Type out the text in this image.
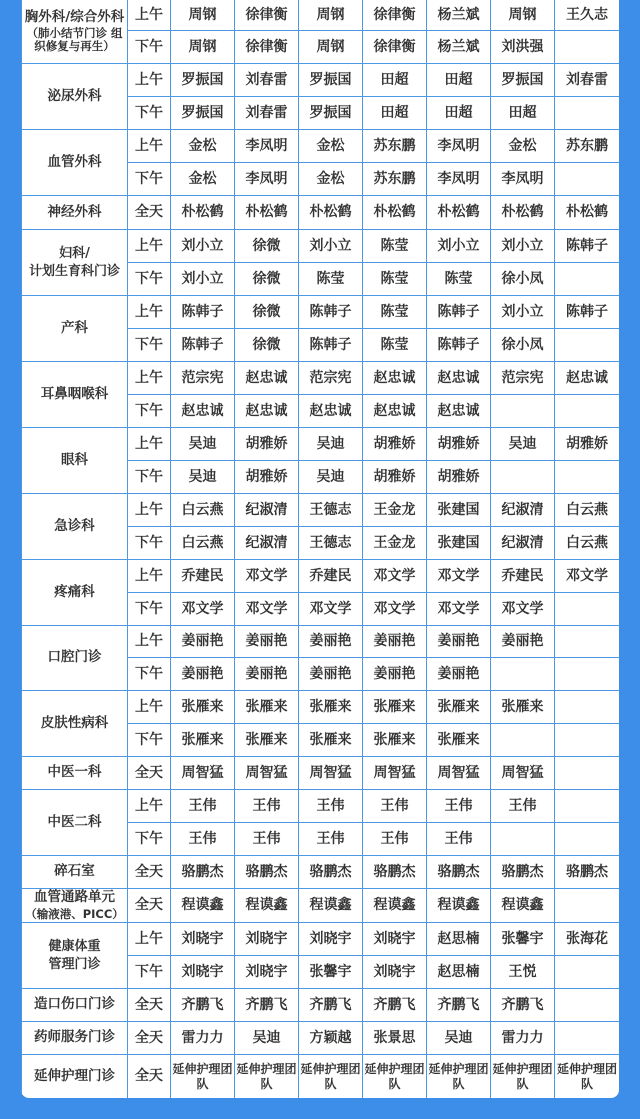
胸外科/综合外科
（肺小结节门诊 组织修复与再生）	上午	周钢	徐律衡	周钢	徐律衡	杨兰斌	周钢	王久志
	下午	周钢	徐律衡	周钢	徐律衡	杨兰斌	刘洪强	
泌尿外科	上午	罗振国	刘春雷	罗振国	田超	田超	罗振国	刘春雷
	下午	罗振国	刘春雷	罗振国	田超	田超	田超	
血管外科	上午	金松	李凤明	金松	苏东鹏	李凤明	金松	苏东鹏
	下午	金松	李凤明	金松	苏东鹏	李凤明	李凤明	
神经外科	全天	朴松鹤	朴松鹤	朴松鹤	朴松鹤	朴松鹤	朴松鹤	朴松鹤
妇科/
计划生育科门诊	上午	刘小立	徐微	刘小立	陈莹	刘小立	刘小立	陈韩子
	下午	刘小立	徐微	陈莹	陈莹	陈莹	徐小凤	
产科	上午	陈韩子	徐微	陈韩子	陈莹	陈韩子	刘小立	陈韩子
	下午	陈韩子	徐微	陈韩子	陈莹	陈韩子	徐小凤	
耳鼻咽喉科	上午	范宗宪	赵忠诚	范宗宪	赵忠诚	赵忠诚	范宗宪	赵忠诚
	下午	赵忠诚	赵忠诚	赵忠诚	赵忠诚	赵忠诚		
眼科	上午	吴迪	胡雅娇	吴迪	胡雅娇	胡雅娇	吴迪	胡雅娇
	下午	吴迪	胡雅娇	吴迪	胡雅娇	胡雅娇		
急诊科	上午	白云燕	纪淑清	王德志	王金龙	张建国	纪淑清	白云燕
	下午	白云燕	纪淑清	王德志	王金龙	张建国	纪淑清	白云燕
疼痛科	上午	乔建民	邓文学	乔建民	邓文学	邓文学	乔建民	邓文学
	下午	邓文学	邓文学	邓文学	邓文学	邓文学	邓文学	
口腔门诊	上午	姜丽艳	姜丽艳	姜丽艳	姜丽艳	姜丽艳	姜丽艳	
	下午	姜丽艳	姜丽艳	姜丽艳	姜丽艳	姜丽艳		
皮肤性病科	上午	张雁来	张雁来	张雁来	张雁来	张雁来	张雁来	
	下午	张雁来	张雁来	张雁来	张雁来	张雁来		
中医一科	全天	周智猛	周智猛	周智猛	周智猛	周智猛	周智猛	
中医二科	上午	王伟	王伟	王伟	王伟	王伟	王伟	
	下午	王伟	王伟	王伟	王伟	王伟		
碎石室	全天	骆鹏杰	骆鹏杰	骆鹏杰	骆鹏杰	骆鹏杰	骆鹏杰	骆鹏杰
血管通路单元
（输液港、PICC）	全天	程谟鑫	程谟鑫	程谟鑫	程谟鑫	程谟鑫	程谟鑫	
健康体重
管理门诊	上午	刘晓宇	刘晓宇	刘晓宇	刘晓宇	赵思楠	张馨宇	张海花
	下午	刘晓宇	刘晓宇	张馨宇	刘晓宇	赵思楠	王悦	
造口伤口门诊	全天	齐鹏飞	齐鹏飞	齐鹏飞	齐鹏飞	齐鹏飞	齐鹏飞	
药师服务门诊	全天	雷力力	吴迪	方颖越	张景思	吴迪	雷力力	
延伸护理门诊	全天	延伸护理团 队	延伸护理团 队	延伸护理团 队	延伸护理团 队	延伸护理团 队	延伸护理团 队	延伸护理团 队
